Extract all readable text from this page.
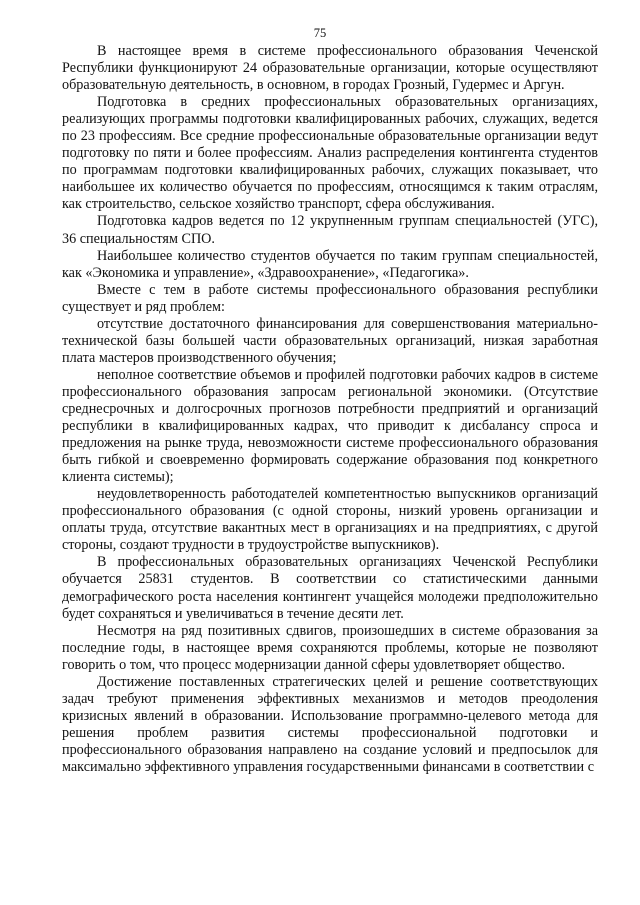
75

В настоящее время в системе профессионального образования Чеченской Республики функционируют 24 образовательные организации, которые осуществляют образовательную деятельность, в основном, в городах Грозный, Гудермес и Аргун.

Подготовка в средних профессиональных образовательных организациях, реализующих программы подготовки квалифицированных рабочих, служащих, ведется по 23 профессиям. Все средние профессиональные образовательные организации ведут подготовку по пяти и более профессиям. Анализ распределения контингента студентов по программам подготовки квалифицированных рабочих, служащих показывает, что наибольшее их количество обучается по профессиям, относящимся к таким отраслям, как строительство, сельское хозяйство транспорт, сфера обслуживания.

Подготовка кадров ведется по 12 укрупненным группам специальностей (УГС), 36 специальностям СПО.

Наибольшее количество студентов обучается по таким группам специальностей, как «Экономика и управление», «Здравоохранение», «Педагогика».

Вместе с тем в работе системы профессионального образования республики существует и ряд проблем:

отсутствие достаточного финансирования для совершенствования материально-технической базы большей части образовательных организаций, низкая заработная плата мастеров производственного обучения;

неполное соответствие объемов и профилей подготовки рабочих кадров в системе профессионального образования запросам региональной экономики. (Отсутствие среднесрочных и долгосрочных прогнозов потребности предприятий и организаций республики в квалифицированных кадрах, что приводит к дисбалансу спроса и предложения на рынке труда, невозможности системе профессионального образования быть гибкой и своевременно формировать содержание образования под конкретного клиента системы);

неудовлетворенность работодателей компетентностью выпускников организаций профессионального образования (с одной стороны, низкий уровень организации и оплаты труда, отсутствие вакантных мест в организациях и на предприятиях, с другой стороны, создают трудности в трудоустройстве выпускников).

В профессиональных образовательных организациях Чеченской Республики обучается 25831 студентов. В соответствии со статистическими данными демографического роста населения контингент учащейся молодежи предположительно будет сохраняться и увеличиваться в течение десяти лет.

Несмотря на ряд позитивных сдвигов, произошедших в системе образования за последние годы, в настоящее время сохраняются проблемы, которые не позволяют говорить о том, что процесс модернизации данной сферы удовлетворяет общество.

Достижение поставленных стратегических целей и решение соответствующих задач требуют применения эффективных механизмов и методов преодоления кризисных явлений в образовании. Использование программно-целевого метода для решения проблем развития системы профессиональной подготовки и профессионального образования направлено на создание условий и предпосылок для максимально эффективного управления государственными финансами в соответствии с
